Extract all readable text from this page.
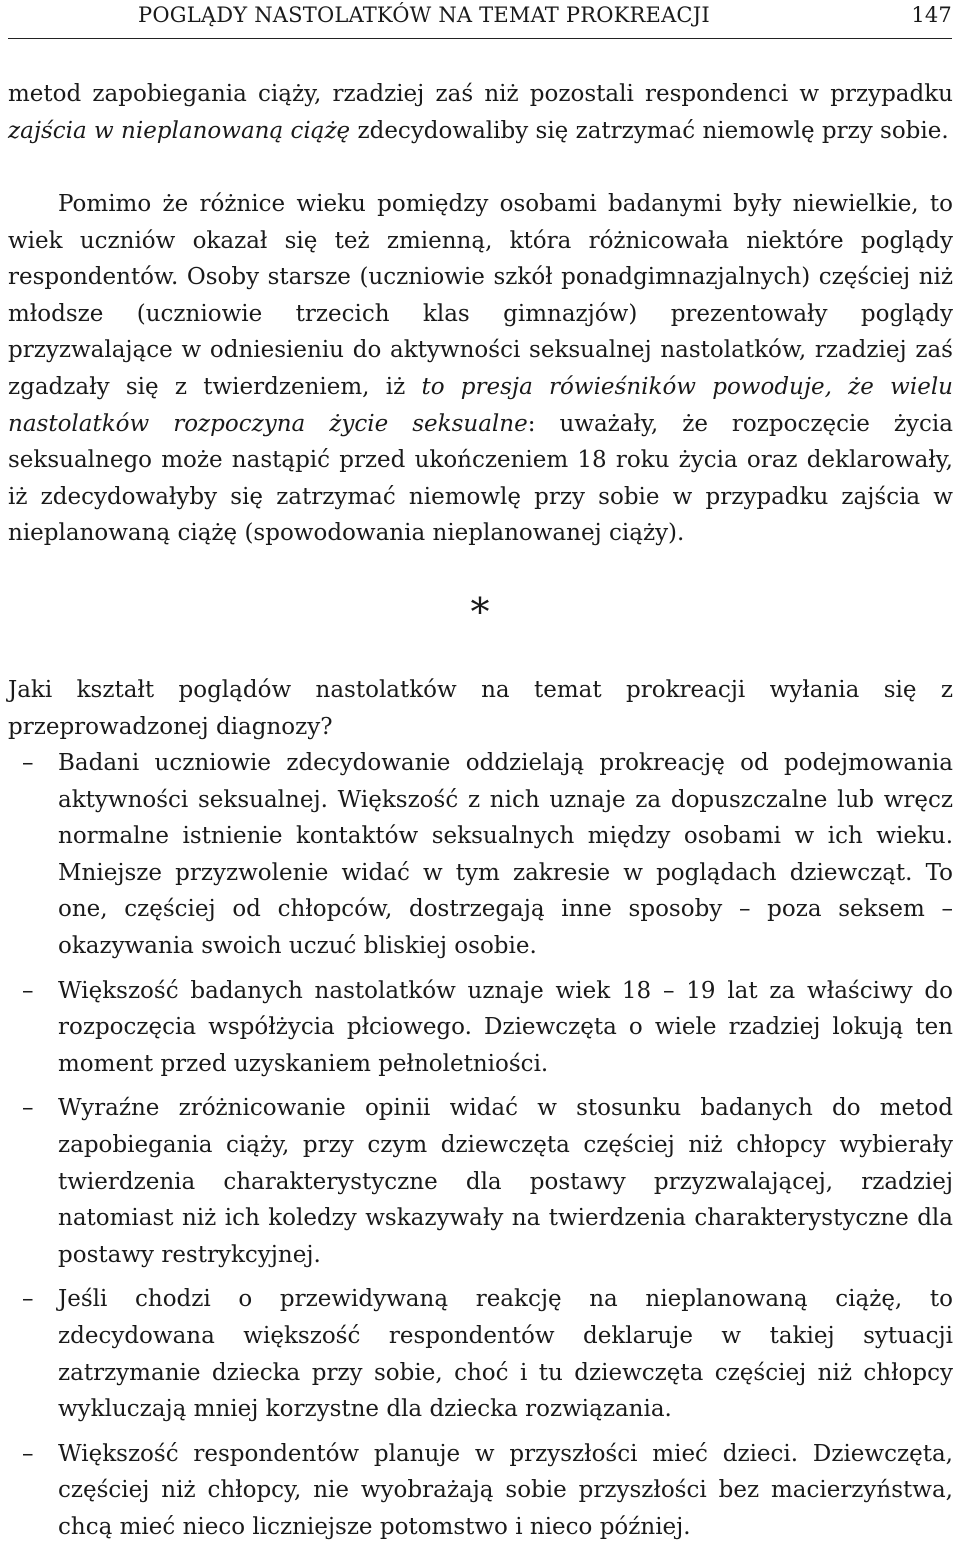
POGLĄDY NASTOLATKÓW NA TEMAT PROKREACJI	147
metod zapobiegania ciąży, rzadziej zaś niż pozostali respondenci w przypadku zajścia w nieplanowaną ciążę zdecydowaliby się zatrzymać niemowlę przy sobie.
Pomimo że różnice wieku pomiędzy osobami badanymi były niewielkie, to wiek uczniów okazał się też zmienną, która różnicowała niektóre poglądy respondentów. Osoby starsze (uczniowie szkół ponadgimnazjalnych) częściej niż młodsze (uczniowie trzecich klas gimnazjów) prezentowały poglądy przyzwalające w odniesieniu do aktywności seksualnej nastolatków, rzadziej zaś zgadzały się z twierdzeniem, iż to presja rówieśników powoduje, że wielu nastolatków rozpoczyna życie seksualne: uważały, że rozpoczęcie życia seksualnego może nastąpić przed ukończeniem 18 roku życia oraz deklarowały, iż zdecydowałyby się zatrzymać niemowlę przy sobie w przypadku zajścia w nieplanowaną ciążę (spowodowania nieplanowanej ciąży).
*
Jaki kształt poglądów nastolatków na temat prokreacji wyłania się z przeprowadzonej diagnozy?
– Badani uczniowie zdecydowanie oddzielają prokreację od podejmowania aktywności seksualnej. Większość z nich uznaje za dopuszczalne lub wręcz normalne istnienie kontaktów seksualnych między osobami w ich wieku. Mniejsze przyzwolenie widać w tym zakresie w poglądach dziewcząt. To one, częściej od chłopców, dostrzegają inne sposoby – poza seksem – okazywania swoich uczuć bliskiej osobie.
– Większość badanych nastolatków uznaje wiek 18 – 19 lat za właściwy do rozpoczęcia współżycia płciowego. Dziewczęta o wiele rzadziej lokują ten moment przed uzyskaniem pełnoletniości.
– Wyraźne zróżnicowanie opinii widać w stosunku badanych do metod zapobiegania ciąży, przy czym dziewczęta częściej niż chłopcy wybierały twierdzenia charakterystyczne dla postawy przyzwalającej, rzadziej natomiast niż ich koledzy wskazywały na twierdzenia charakterystyczne dla postawy restrykcyjnej.
– Jeśli chodzi o przewidywaną reakcję na nieplanowaną ciążę, to zdecydowana większość respondentów deklaruje w takiej sytuacji zatrzymanie dziecka przy sobie, choć i tu dziewczęta częściej niż chłopcy wykluczają mniej korzystne dla dziecka rozwiązania.
– Większość respondentów planuje w przyszłości mieć dzieci. Dziewczęta, częściej niż chłopcy, nie wyobrażają sobie przyszłości bez macierzyństwa, chcą mieć nieco liczniejsze potomstwo i nieco później.
